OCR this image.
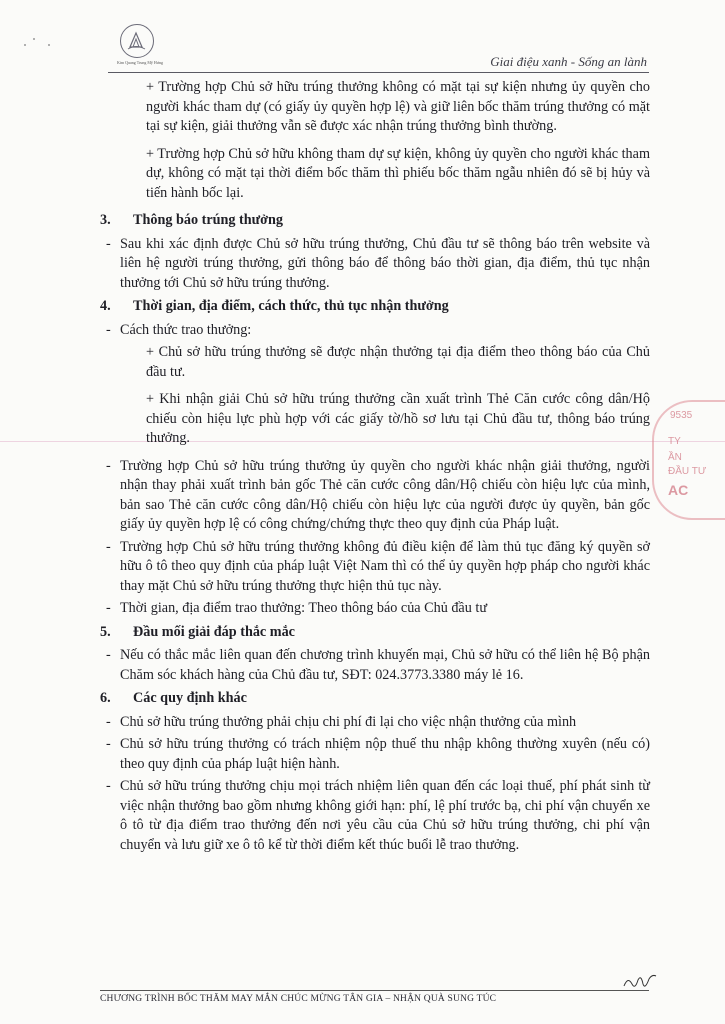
Kim Quang Trung Mỹ Hưng	Giai điệu xanh - Sống an lành

+ Trường hợp Chủ sở hữu trúng thưởng không có mặt tại sự kiện nhưng ủy quyền cho người khác tham dự (có giấy ủy quyền hợp lệ) và giữ liên bốc thăm trúng thưởng có mặt tại sự kiện, giải thưởng vẫn sẽ được xác nhận trúng thưởng bình thường.

+ Trường hợp Chủ sở hữu không tham dự sự kiện, không ủy quyền cho người khác tham dự, không có mặt tại thời điểm bốc thăm thì phiếu bốc thăm ngẫu nhiên đó sẽ bị hủy và tiến hành bốc lại.

3. Thông báo trúng thưởng
- Sau khi xác định được Chủ sở hữu trúng thưởng, Chủ đầu tư sẽ thông báo trên website và liên hệ người trúng thưởng, gửi thông báo để thông báo thời gian, địa điểm, thủ tục nhận thưởng tới Chủ sở hữu trúng thưởng.
4. Thời gian, địa điểm, cách thức, thủ tục nhận thưởng
- Cách thức trao thưởng:

+ Chủ sở hữu trúng thưởng sẽ được nhận thưởng tại địa điểm theo thông báo của Chủ đầu tư.

+ Khi nhận giải Chủ sở hữu trúng thưởng cần xuất trình Thẻ Căn cước công dân/Hộ chiếu còn hiệu lực phù hợp với các giấy tờ/hồ sơ lưu tại Chủ đầu tư, thông báo trúng thưởng.

- Trường hợp Chủ sở hữu trúng thưởng ủy quyền cho người khác nhận giải thưởng, người nhận thay phải xuất trình bản gốc Thẻ căn cước công dân/Hộ chiếu còn hiệu lực của mình, bản sao Thẻ căn cước công dân/Hộ chiếu còn hiệu lực của người được ủy quyền, bản gốc giấy ủy quyền hợp lệ có công chứng/chứng thực theo quy định của Pháp luật.
- Trường hợp Chủ sở hữu trúng thưởng không đủ điều kiện để làm thủ tục đăng ký quyền sở hữu ô tô theo quy định của pháp luật Việt Nam thì có thể ủy quyền hợp pháp cho người khác thay mặt Chủ sở hữu trúng thưởng thực hiện thủ tục này.
- Thời gian, địa điểm trao thưởng: Theo thông báo của Chủ đầu tư
5. Đầu mối giải đáp thắc mắc
- Nếu có thắc mắc liên quan đến chương trình khuyến mại, Chủ sở hữu có thể liên hệ Bộ phận Chăm sóc khách hàng của Chủ đầu tư, SĐT: 024.3773.3380 máy lẻ 16.
6. Các quy định khác
- Chủ sở hữu trúng thưởng phải chịu chi phí đi lại cho việc nhận thưởng của mình
- Chủ sở hữu trúng thưởng có trách nhiệm nộp thuế thu nhập không thường xuyên (nếu có) theo quy định của pháp luật hiện hành.
- Chủ sở hữu trúng thưởng chịu mọi trách nhiệm liên quan đến các loại thuế, phí phát sinh từ việc nhận thưởng bao gồm nhưng không giới hạn: phí, lệ phí trước bạ, chi phí vận chuyển xe ô tô từ địa điểm trao thưởng đến nơi yêu cầu của Chủ sở hữu trúng thưởng, chi phí vận chuyển và lưu giữ xe ô tô kể từ thời điểm kết thúc buổi lễ trao thưởng.
9535
TY
ẦN
ĐẦU TƯ
AC
CHƯƠNG TRÌNH BỐC THĂM MAY MẮN CHÚC MỪNG TÂN GIA – NHẬN QUÀ SUNG TÚC
